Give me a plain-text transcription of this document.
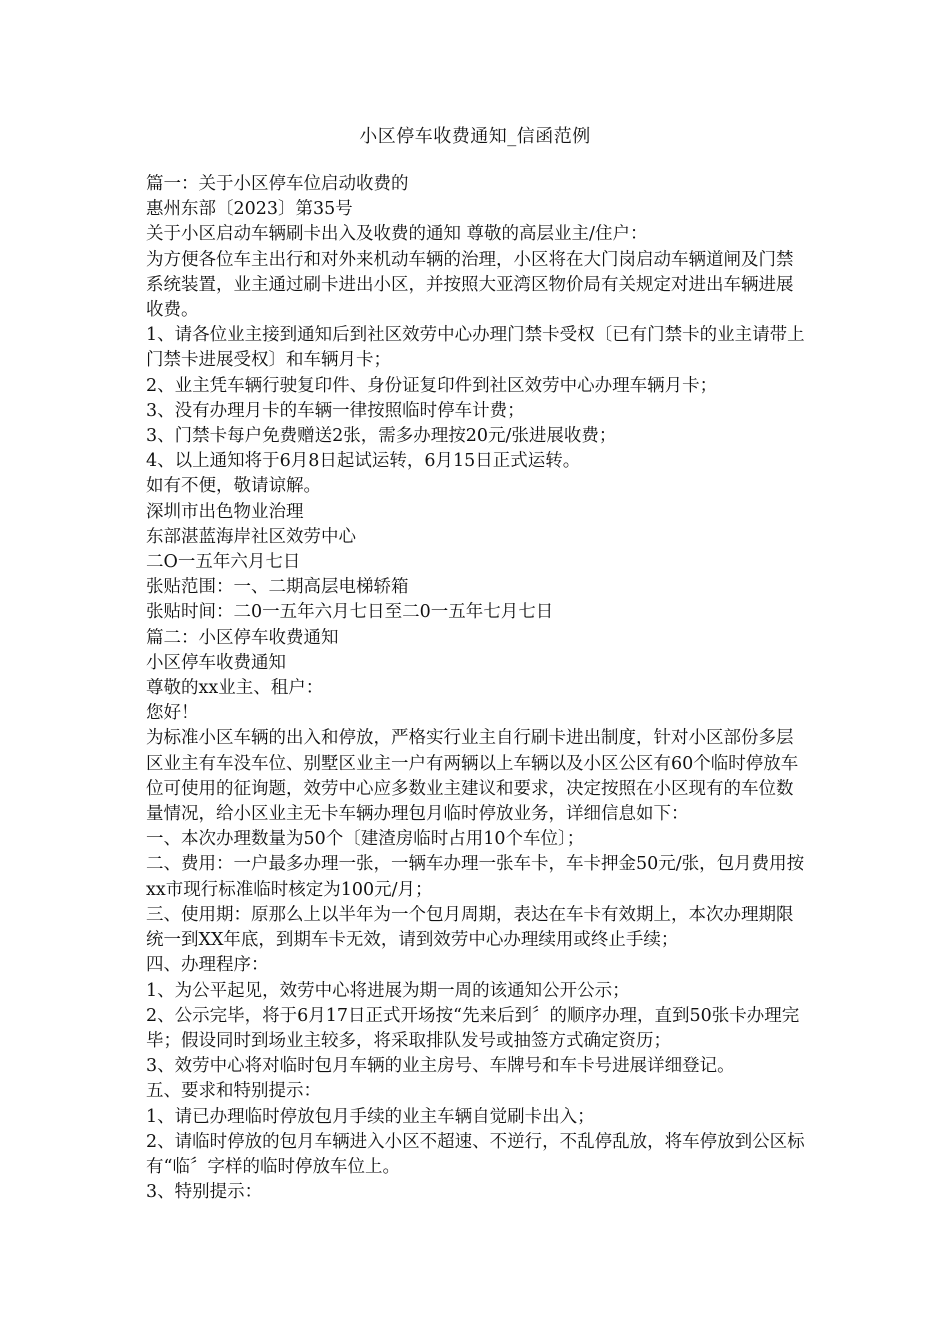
小区停车收费通知_信函范例

篇一：关于小区停车位启动收费的

惠州东部〔2023〕第35号

关于小区启动车辆刷卡出入及收费的通知 尊敬的高层业主/住户：

为方便各位车主出行和对外来机动车辆的治理，小区将在大门岗启动车辆道闸及门禁系统装置，业主通过刷卡进出小区，并按照大亚湾区物价局有关规定对进出车辆进展收费。

1、请各位业主接到通知后到社区效劳中心办理门禁卡受权〔已有门禁卡的业主请带上门禁卡进展受权〕和车辆月卡；

2、业主凭车辆行驶复印件、身份证复印件到社区效劳中心办理车辆月卡；

3、没有办理月卡的车辆一律按照临时停车计费；

3、门禁卡每户免费赠送2张，需多办理按20元/张进展收费；

4、以上通知将于6月8日起试运转，6月15日正式运转。

如有不便，敬请谅解。

深圳市出色物业治理

东部湛蓝海岸社区效劳中心

二O一五年六月七日

张贴范围：一、二期高层电梯轿箱

张贴时间：二0一五年六月七日至二0一五年七月七日

篇二：小区停车收费通知

小区停车收费通知

尊敬的xx业主、租户：

您好！

为标准小区车辆的出入和停放，严格实行业主自行刷卡进出制度，针对小区部份多层区业主有车没车位、别墅区业主一户有两辆以上车辆以及小区公区有60个临时停放车位可使用的征询题，效劳中心应多数业主建议和要求，决定按照在小区现有的车位数量情况，给小区业主无卡车辆办理包月临时停放业务，详细信息如下：

一、本次办理数量为50个〔建渣房临时占用10个车位〕；

二、费用：一户最多办理一张，一辆车办理一张车卡，车卡押金50元/张，包月费用按xx市现行标准临时核定为100元/月；

三、使用期：原那么上以半年为一个包月周期，表达在车卡有效期上，本次办理期限统一到XX年底，到期车卡无效，请到效劳中心办理续用或终止手续；

四、办理程序：

1、为公平起见，效劳中心将进展为期一周的该通知公开公示；

2、公示完毕，将于6月17日正式开场按“先来后到〞的顺序办理，直到50张卡办理完毕；假设同时到场业主较多，将采取排队发号或抽签方式确定资历；

3、效劳中心将对临时包月车辆的业主房号、车牌号和车卡号进展详细登记。

五、要求和特别提示：

1、请已办理临时停放包月手续的业主车辆自觉刷卡出入；

2、请临时停放的包月车辆进入小区不超速、不逆行，不乱停乱放，将车停放到公区标有“临〞字样的临时停放车位上。

3、特别提示：
